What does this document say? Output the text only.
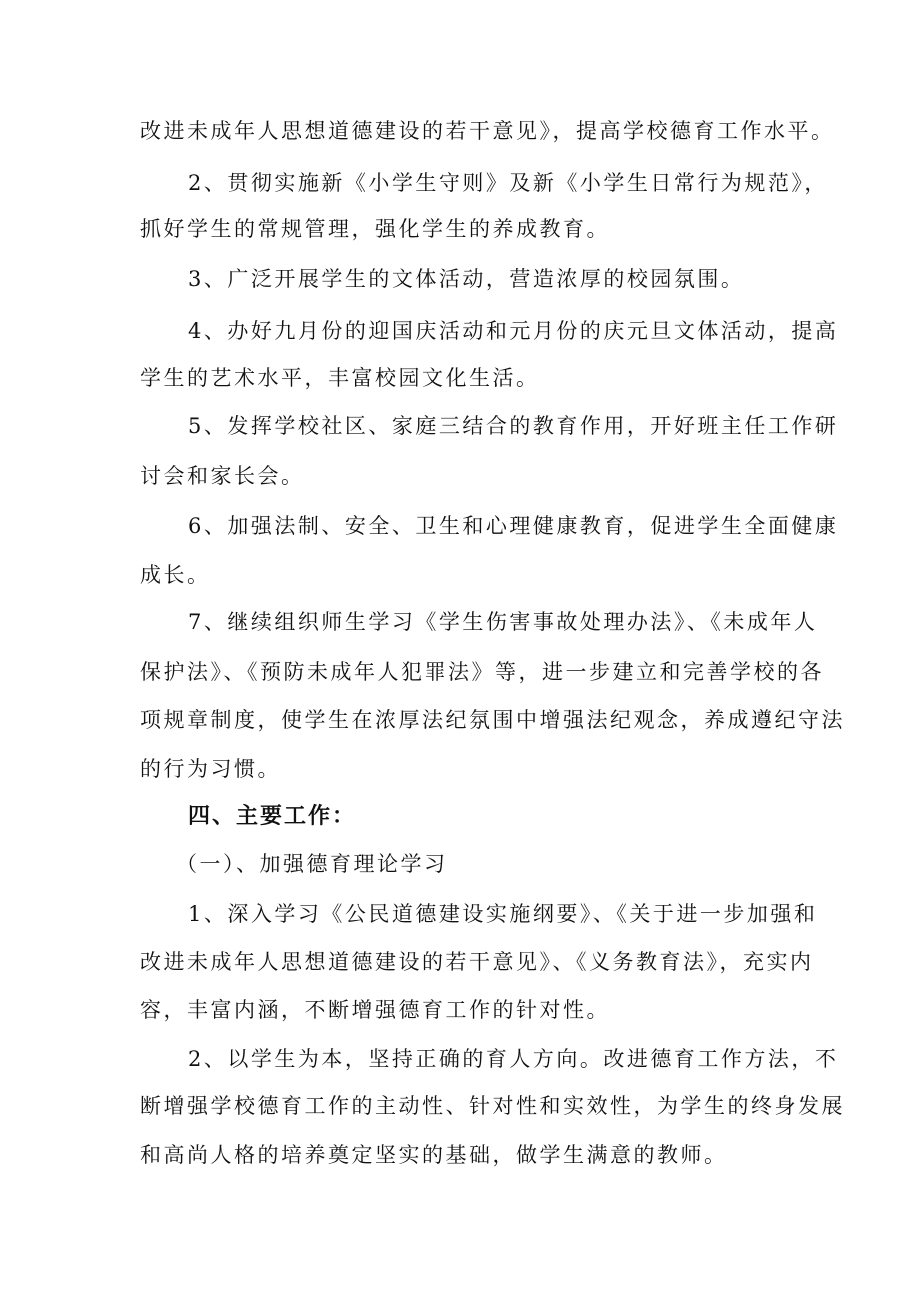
改进未成年人思想道德建设的若干意见》，提高学校德育工作水平。
2、贯彻实施新《小学生守则》及新《小学生日常行为规范》，
抓好学生的常规管理，强化学生的养成教育。
3、广泛开展学生的文体活动，营造浓厚的校园氛围。
4、办好九月份的迎国庆活动和元月份的庆元旦文体活动，提高
学生的艺术水平，丰富校园文化生活。
5、发挥学校社区、家庭三结合的教育作用，开好班主任工作研
讨会和家长会。
6、加强法制、安全、卫生和心理健康教育，促进学生全面健康
成长。
7、继续组织师生学习《学生伤害事故处理办法》、《未成年人
保护法》、《预防未成年人犯罪法》等，进一步建立和完善学校的各
项规章制度，使学生在浓厚法纪氛围中增强法纪观念，养成遵纪守法
的行为习惯。
四、主要工作：
（一）、加强德育理论学习
1、深入学习《公民道德建设实施纲要》、《关于进一步加强和
改进未成年人思想道德建设的若干意见》、《义务教育法》，充实内
容，丰富内涵，不断增强德育工作的针对性。
2、以学生为本，坚持正确的育人方向。改进德育工作方法，不
断增强学校德育工作的主动性、针对性和实效性，为学生的终身发展
和高尚人格的培养奠定坚实的基础，做学生满意的教师。
